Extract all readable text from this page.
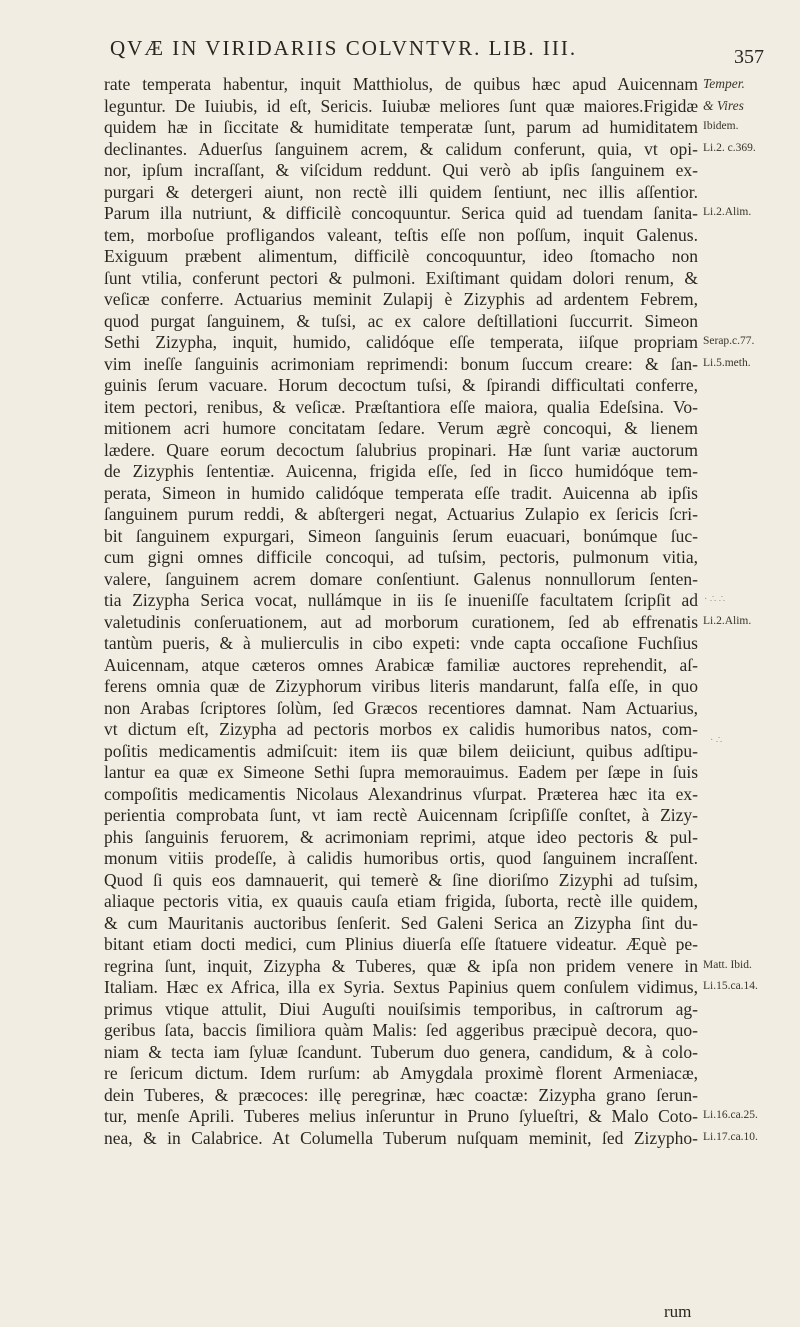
QVÆ IN VIRIDARIIS COLVNTVR. LIB. III.	357
rate temperata habentur, inquit Matthiolus, de quibus hæc apud Auicennam
leguntur. De Iuiubis, id eſt, Sericis. Iuiubæ meliores ſunt quæ maiores.Frigidæ
quidem hæ in ſiccitate & humiditate temperatæ ſunt, parum ad humiditatem
declinantes. Aduerſus ſanguinem acrem, & calidum conferunt, quia, vt opi-
nor, ipſum incraſſant, & viſcidum reddunt. Qui verò ab ipſis ſanguinem ex-
purgari & detergeri aiunt, non rectè illi quidem ſentiunt, nec illis aſſentior.
Parum illa nutriunt, & difficilè concoquuntur. Serica quid ad tuendam ſanita-
tem, morboſue profligandos valeant, teſtis eſſe non poſſum, inquit Galenus.
Exiguum præbent alimentum, difficilè concoquuntur, ideo ſtomacho non
ſunt vtilia, conferunt pectori & pulmoni. Exiſtimant quidam dolori renum, &
veſicæ conferre. Actuarius meminit Zulapij è Zizyphis ad ardentem Febrem,
quod purgat ſanguinem, & tuſsi, ac ex calore deſtillationi ſuccurrit. Simeon
Sethi Zizypha, inquit, humido, calidóque eſſe temperata, iiſque propriam
vim ineſſe ſanguinis acrimoniam reprimendi: bonum ſuccum creare: & ſan-
guinis ſerum vacuare. Horum decoctum tuſsi, & ſpirandi difficultati conferre,
item pectori, renibus, & veſicæ. Præſtantiora eſſe maiora, qualia Edeſsina. Vo-
mitionem acri humore concitatam ſedare. Verum ægrè concoqui, & lienem
lædere. Quare eorum decoctum ſalubrius propinari. Hæ ſunt variæ auctorum
de Zizyphis ſententiæ. Auicenna, frigida eſſe, ſed in ſicco humidóque tem-
perata, Simeon in humido calidóque temperata eſſe tradit. Auicenna ab ipſis
ſanguinem purum reddi, & abſtergeri negat, Actuarius Zulapio ex ſericis ſcri-
bit ſanguinem expurgari, Simeon ſanguinis ſerum euacuari, bonúmque ſuc-
cum gigni omnes difficile concoqui, ad tuſsim, pectoris, pulmonum vitia,
valere, ſanguinem acrem domare conſentiunt. Galenus nonnullorum ſenten-
tia Zizypha Serica vocat, nullámque in iis ſe inueniſſe facultatem ſcripſit ad
valetudinis conſeruationem, aut ad morborum curationem, ſed ab effrenatis
tantùm pueris, & à mulierculis in cibo expeti: vnde capta occaſione Fuchſius
Auicennam, atque cæteros omnes Arabicæ familiæ auctores reprehendit, aſ-
ferens omnia quæ de Zizyphorum viribus literis mandarunt, falſa eſſe, in quo
non Arabas ſcriptores ſolùm, ſed Græcos recentiores damnat. Nam Actuarius,
vt dictum eſt, Zizypha ad pectoris morbos ex calidis humoribus natos, com-
poſitis medicamentis admiſcuit: item iis quæ bilem deiiciunt, quibus adſtipu-
lantur ea quæ ex Simeone Sethi ſupra memorauimus. Eadem per ſæpe in ſuis
compoſitis medicamentis Nicolaus Alexandrinus vſurpat. Præterea hæc ita ex-
perientia comprobata ſunt, vt iam rectè Auicennam ſcripſiſſe conſtet, à Zizy-
phis ſanguinis feruorem, & acrimoniam reprimi, atque ideo pectoris & pul-
monum vitiis prodeſſe, à calidis humoribus ortis, quod ſanguinem incraſſent.
Quod ſi quis eos damnauerit, qui temerè & ſine dioriſmo Zizyphi ad tuſsim,
aliaque pectoris vitia, ex quauis cauſa etiam frigida, ſuborta, rectè ille quidem,
& cum Mauritanis auctoribus ſenſerit. Sed Galeni Serica an Zizypha ſint du-
bitant etiam docti medici, cum Plinius diuerſa eſſe ſtatuere videatur. Æquè pe-
regrina ſunt, inquit, Zizypha & Tuberes, quæ & ipſa non pridem venere in
Italiam. Hæc ex Africa, illa ex Syria. Sextus Papinius quem conſulem vidimus,
primus vtique attulit, Diui Auguſti nouiſsimis temporibus, in caſtrorum ag-
geribus ſata, baccis ſimiliora quàm Malis: ſed aggeribus præcipuè decora, quo-
niam & tecta iam ſyluæ ſcandunt. Tuberum duo genera, candidum, & à colo-
re ſericum dictum. Idem rurſum: ab Amygdala proximè florent Armeniacæ,
dein Tuberes, & præcoces: illę peregrinæ, hæc coactæ: Zizypha grano ſerun-
tur, menſe Aprili. Tuberes melius inſeruntur in Pruno ſylueſtri, & Malo Coto-
nea, & in Calabrice. At Columella Tuberum nuſquam meminit, ſed Zizypho-
Temper.
& Vires
Ibidem.
Li.2. c.369.
Li.2.Alim.
Serap.c.77.
Li.5.meth.
Li.2.Alim.
Matt. Ibid.
Li.15.ca.14.
Li.16.ca.25.
Li.17.ca.10.
rum
· ∴ ∴
· ∴
